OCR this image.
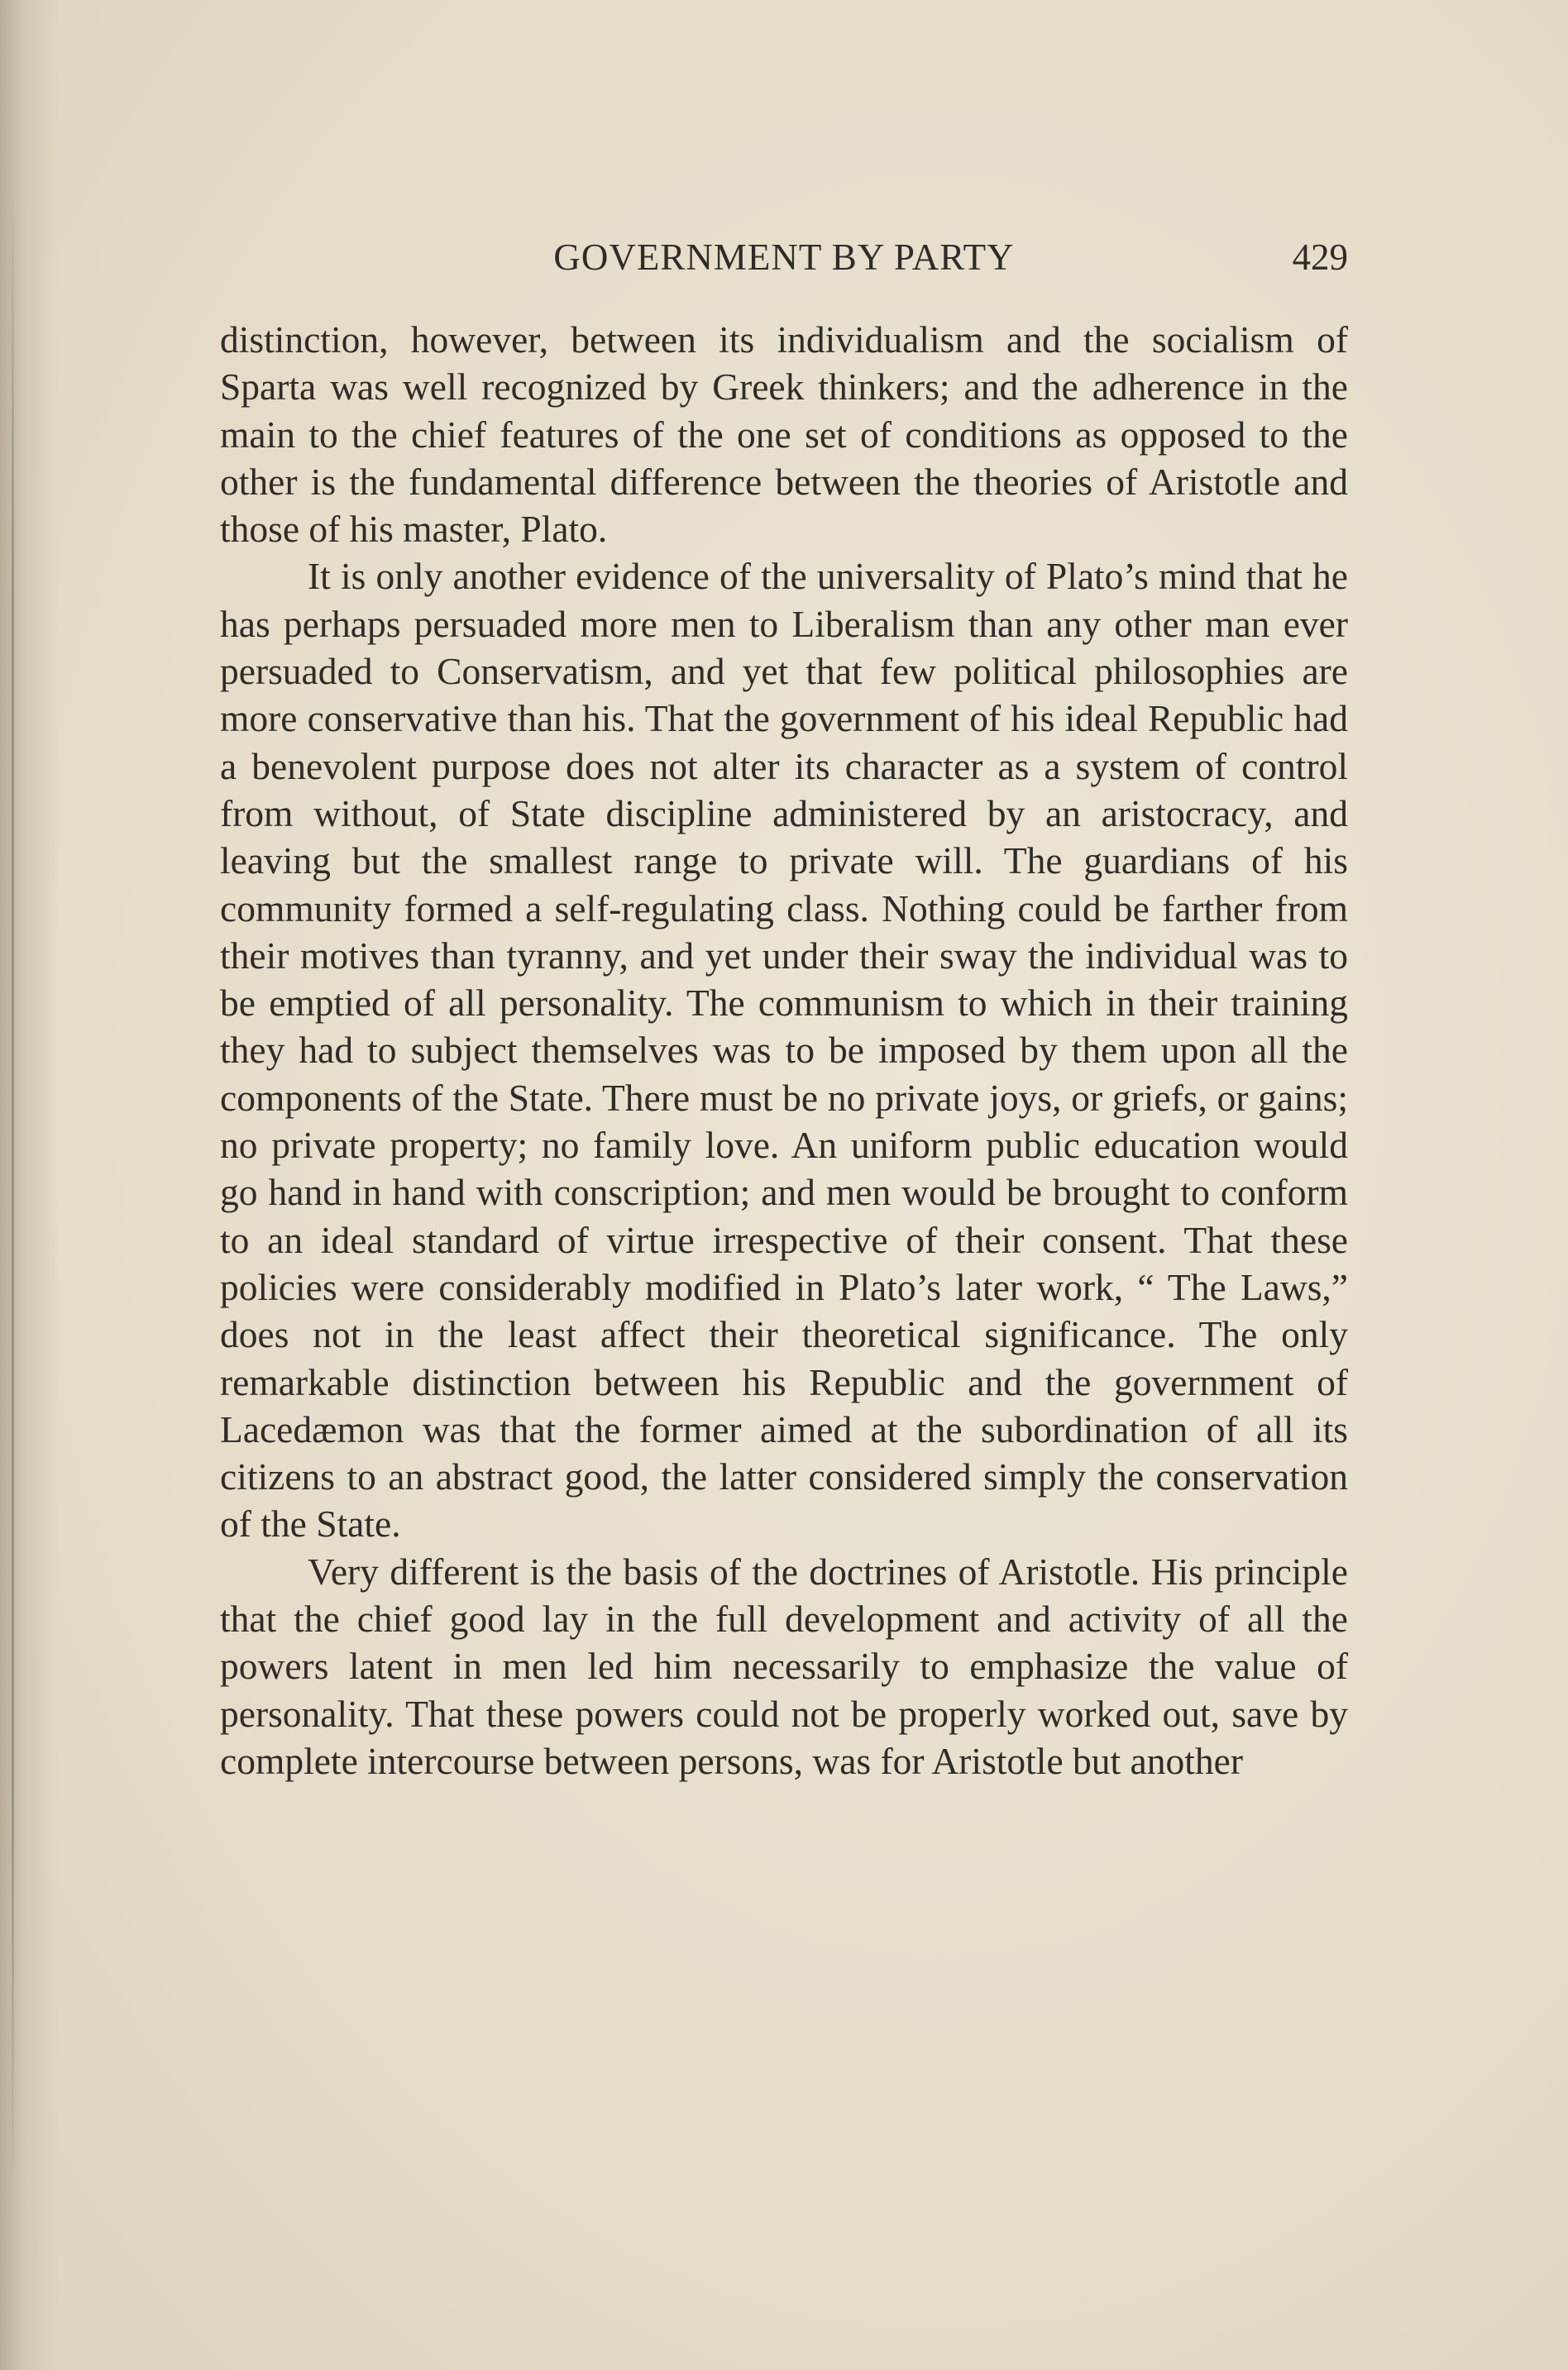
GOVERNMENT BY PARTY	429

distinction, however, between its individualism and the socialism of Sparta was well recognized by Greek thinkers; and the adherence in the main to the chief features of the one set of conditions as opposed to the other is the fundamental difference between the theories of Aristotle and those of his master, Plato.

It is only another evidence of the universality of Plato’s mind that he has perhaps persuaded more men to Liberalism than any other man ever persuaded to Conservatism, and yet that few political philosophies are more conservative than his. That the government of his ideal Republic had a benevolent purpose does not alter its character as a system of control from without, of State discipline administered by an aristocracy, and leaving but the smallest range to private will. The guardians of his community formed a self-regulating class. Nothing could be farther from their motives than tyranny, and yet under their sway the individual was to be emptied of all personality. The communism to which in their training they had to subject themselves was to be imposed by them upon all the components of the State. There must be no private joys, or griefs, or gains; no private property; no family love. An uniform public education would go hand in hand with conscription; and men would be brought to conform to an ideal standard of virtue irrespective of their consent. That these policies were considerably modified in Plato’s later work, “ The Laws,” does not in the least affect their theoretical significance. The only remarkable distinction between his Republic and the government of Lacedæmon was that the former aimed at the subordination of all its citizens to an abstract good, the latter considered simply the conservation of the State.

Very different is the basis of the doctrines of Aristotle. His principle that the chief good lay in the full development and activity of all the powers latent in men led him necessarily to emphasize the value of personality. That these powers could not be properly worked out, save by complete intercourse between persons, was for Aristotle but another
